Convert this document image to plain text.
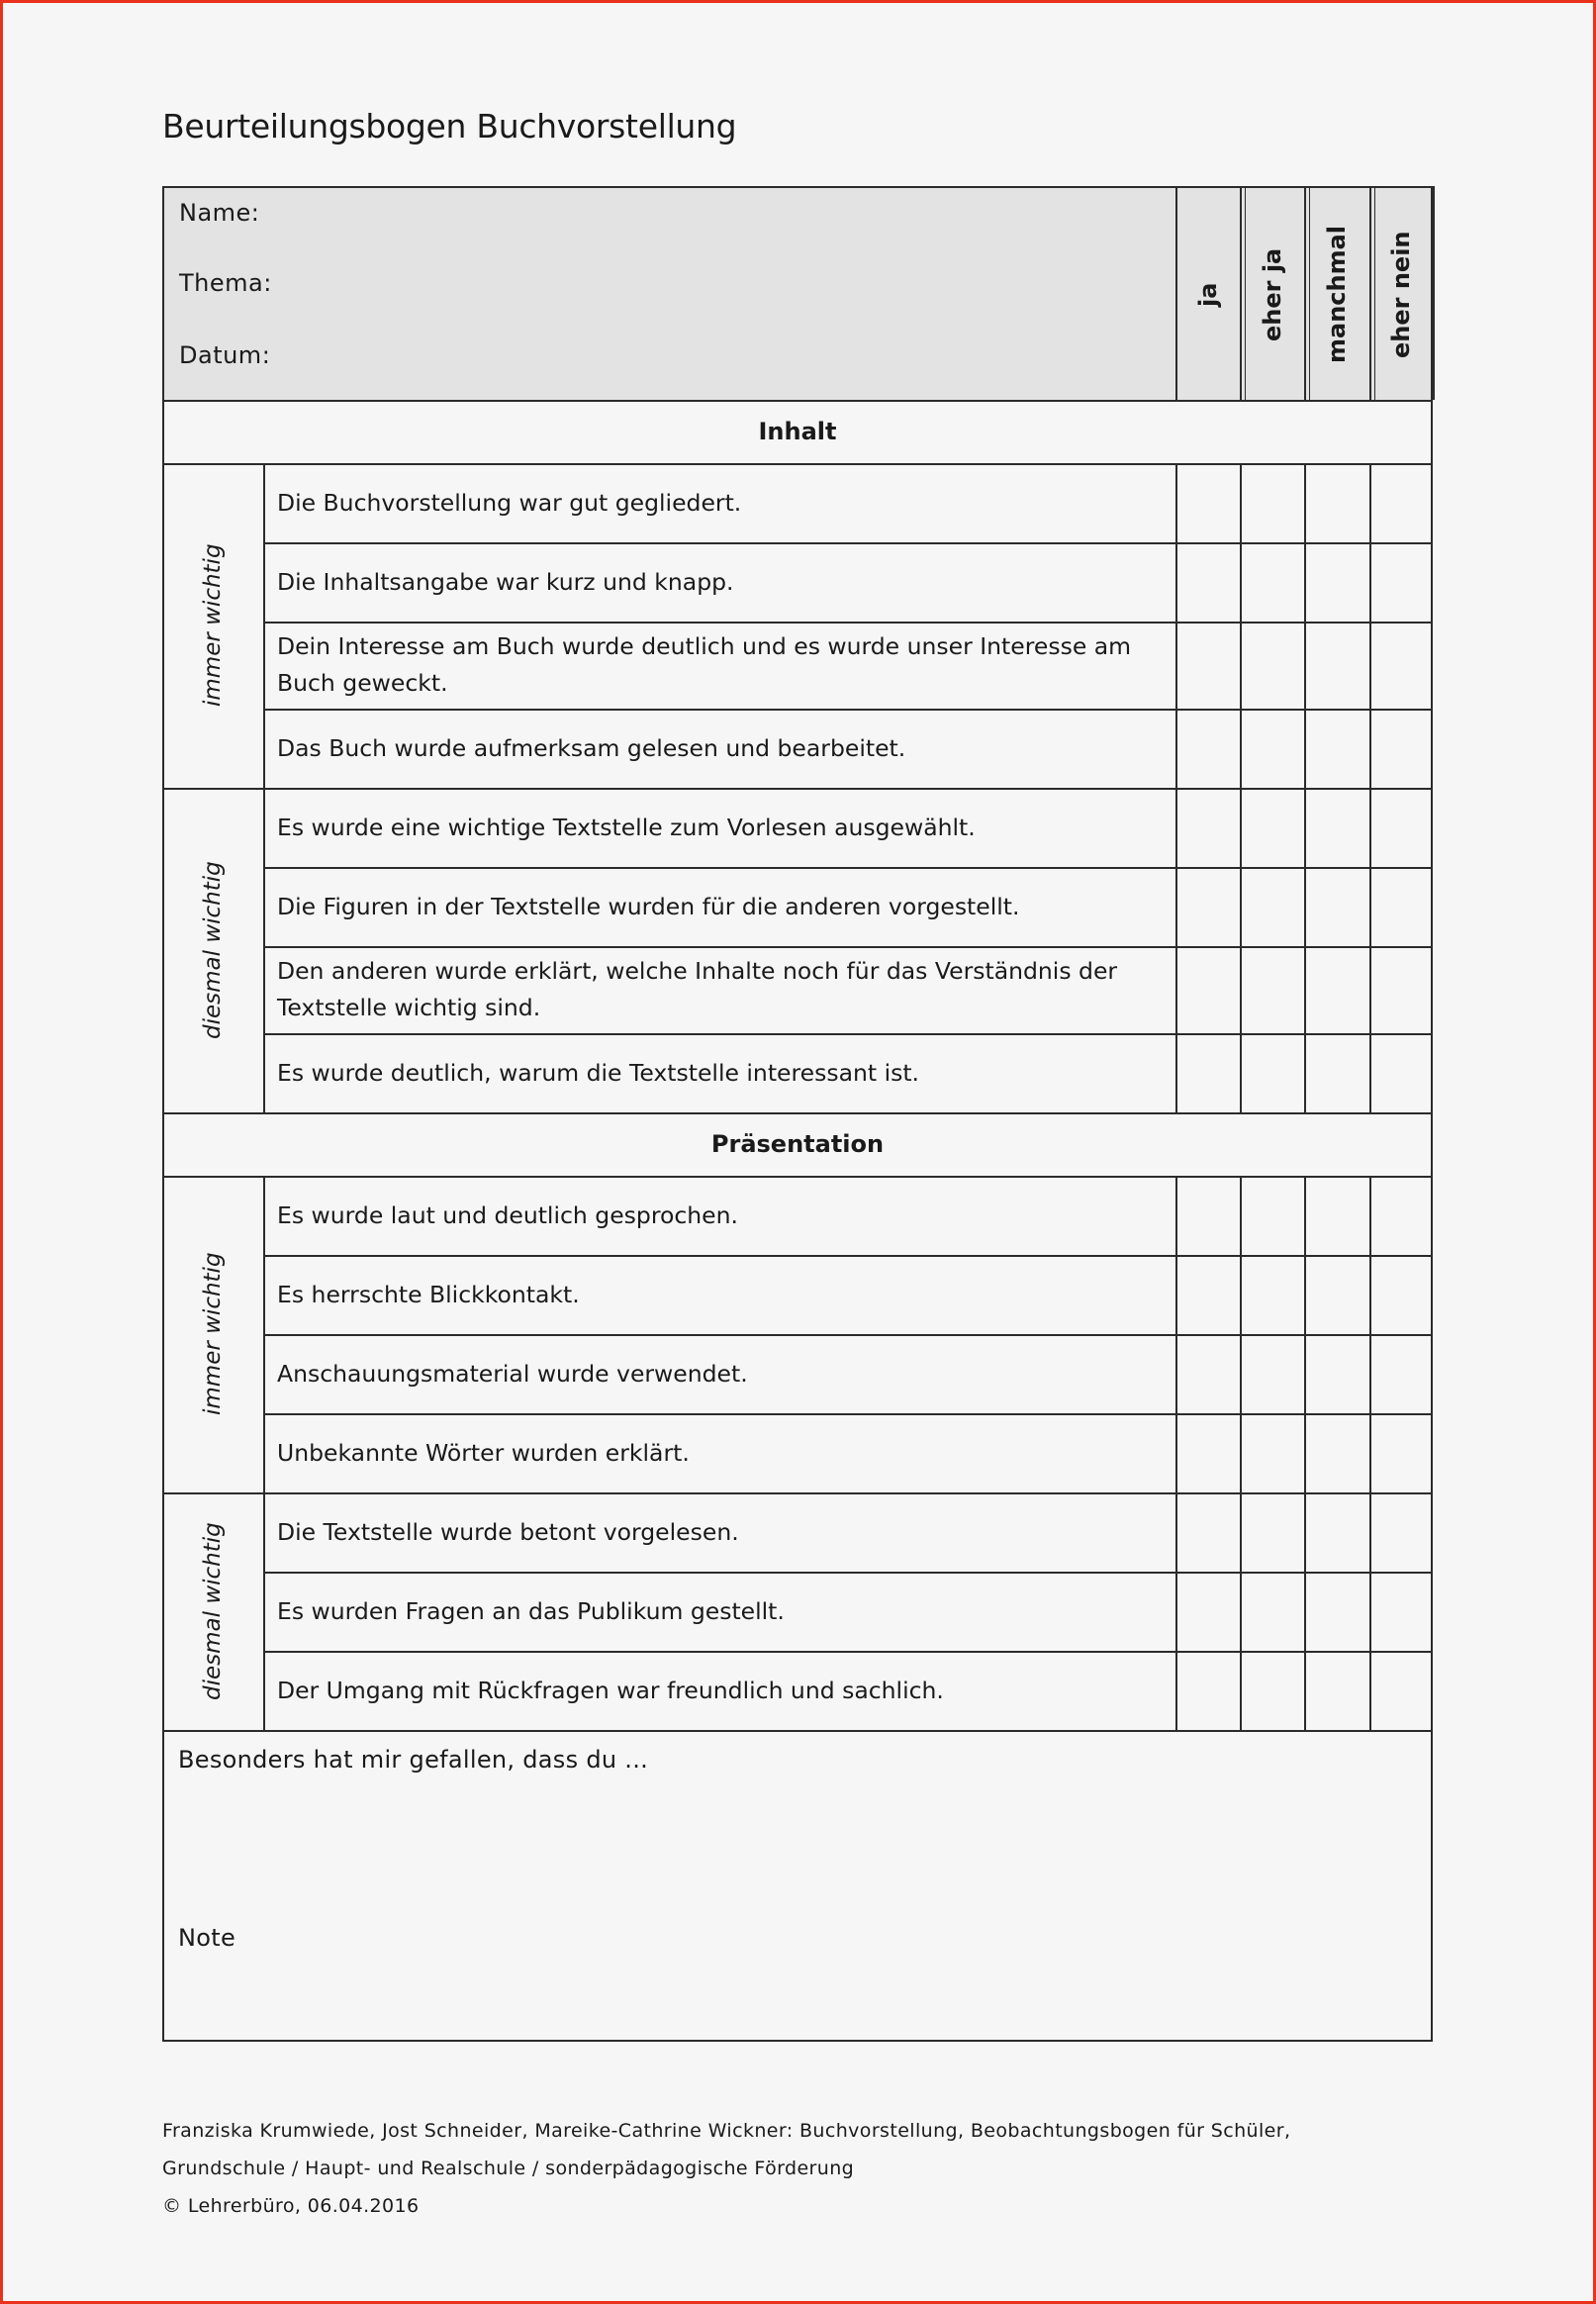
Beurteilungsbogen Buchvorstellung
Name:
Thema:
Datum:
ja eher ja manchmal eher nein
Inhalt
Die Buchvorstellung war gut gegliedert.
Die Inhaltsangabe war kurz und knapp.
Dein Interesse am Buch wurde deutlich und es wurde unser Interesse am Buch geweckt.
Das Buch wurde aufmerksam gelesen und bearbeitet.
immer wichtig
Es wurde eine wichtige Textstelle zum Vorlesen ausgewählt.
Die Figuren in der Textstelle wurden für die anderen vorgestellt.
Den anderen wurde erklärt, welche Inhalte noch für das Verständnis der Textstelle wichtig sind.
Es wurde deutlich, warum die Textstelle interessant ist.
diesmal wichtig
Präsentation
Es wurde laut und deutlich gesprochen.
Es herrschte Blickkontakt.
Anschauungsmaterial wurde verwendet.
Unbekannte Wörter wurden erklärt.
immer wichtig
Die Textstelle wurde betont vorgelesen.
Es wurden Fragen an das Publikum gestellt.
Der Umgang mit Rückfragen war freundlich und sachlich.
diesmal wichtig
Besonders hat mir gefallen, dass du ...
Note
Franziska Krumwiede, Jost Schneider, Mareike-Cathrine Wickner: Buchvorstellung, Beobachtungsbogen für Schüler,
Grundschule / Haupt- und Realschule / sonderpädagogische Förderung
© Lehrerbüro, 06.04.2016
